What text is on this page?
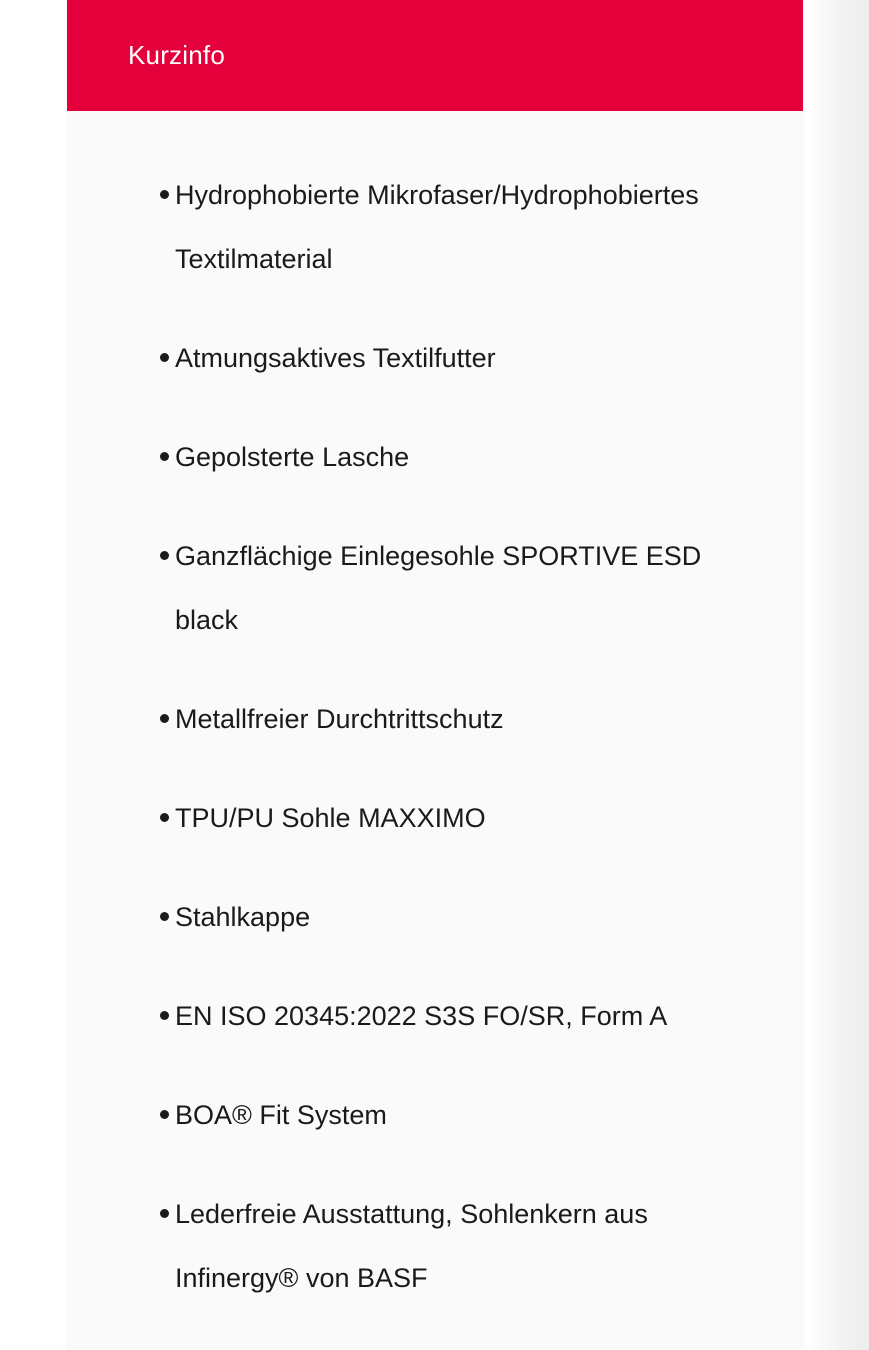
Kurzinfo
Hydrophobierte Mikrofaser/Hydrophobiertes Textilmaterial
Atmungsaktives Textilfutter
Gepolsterte Lasche
Ganzflächige Einlegesohle SPORTIVE ESD black
Metallfreier Durchtrittschutz
TPU/PU Sohle MAXXIMO
Stahlkappe
EN ISO 20345:2022 S3S FO/SR, Form A
BOA® Fit System
Lederfreie Ausstattung, Sohlenkern aus Infinergy® von BASF
